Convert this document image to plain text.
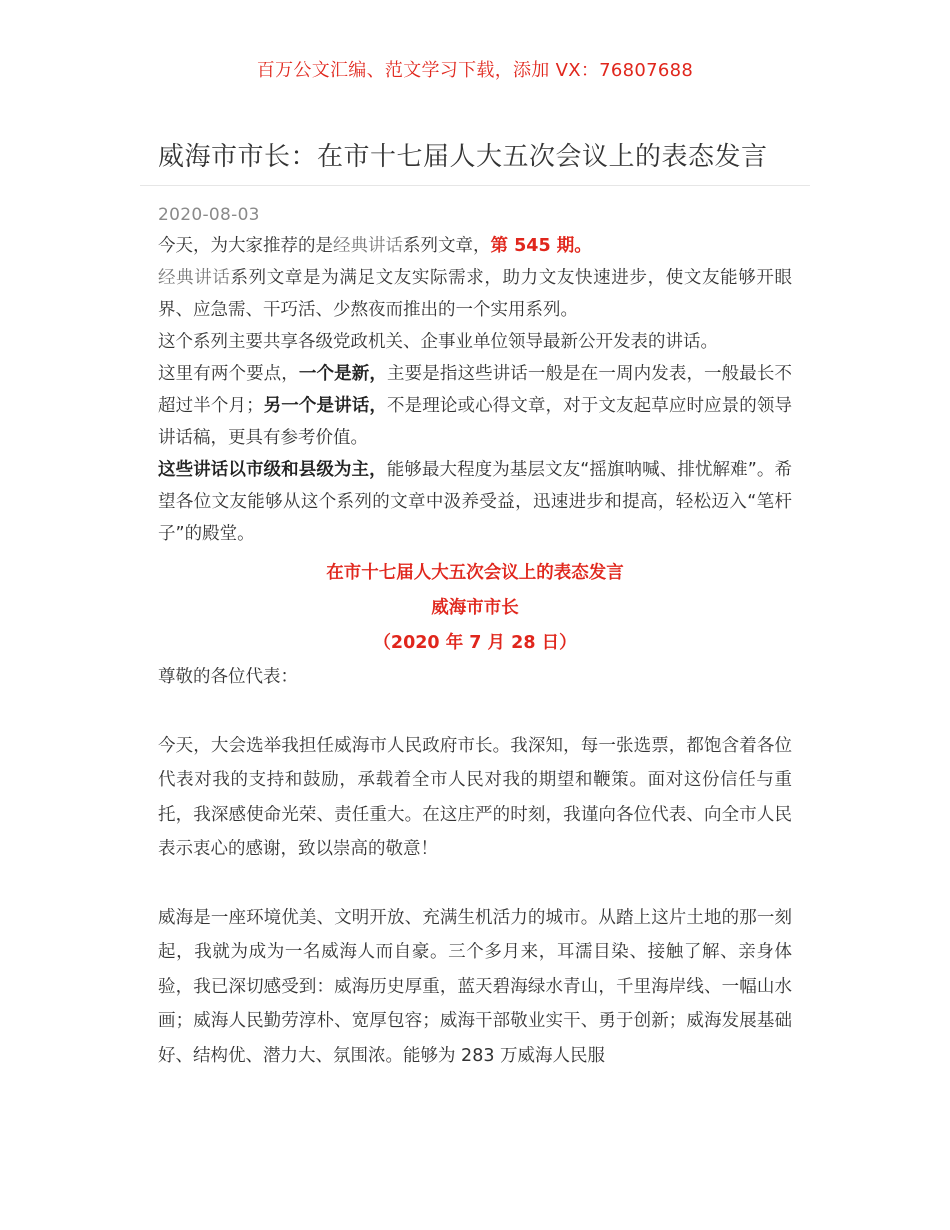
百万公文汇编、范文学习下载，添加 VX：76807688
威海市市长：在市十七届人大五次会议上的表态发言
2020-08-03

今天，为大家推荐的是经典讲话系列文章，第 545 期。

经典讲话系列文章是为满足文友实际需求，助力文友快速进步，使文友能够开眼界、应急需、干巧活、少熬夜而推出的一个实用系列。

这个系列主要共享各级党政机关、企事业单位领导最新公开发表的讲话。

这里有两个要点，一个是新，主要是指这些讲话一般是在一周内发表，一般最长不超过半个月；另一个是讲话，不是理论或心得文章，对于文友起草应时应景的领导讲话稿，更具有参考价值。

这些讲话以市级和县级为主，能够最大程度为基层文友“摇旗呐喊、排忧解难”。希望各位文友能够从这个系列的文章中汲养受益，迅速进步和提高，轻松迈入“笔杆子”的殿堂。

在市十七届人大五次会议上的表态发言

威海市市长

（2020 年 7 月 28 日）

尊敬的各位代表：

今天，大会选举我担任威海市人民政府市长。我深知，每一张选票，都饱含着各位代表对我的支持和鼓励，承载着全市人民对我的期望和鞭策。面对这份信任与重托，我深感使命光荣、责任重大。在这庄严的时刻，我谨向各位代表、向全市人民表示衷心的感谢，致以崇高的敬意！

威海是一座环境优美、文明开放、充满生机活力的城市。从踏上这片土地的那一刻起，我就为成为一名威海人而自豪。三个多月来，耳濡目染、接触了解、亲身体验，我已深切感受到：威海历史厚重，蓝天碧海绿水青山，千里海岸线、一幅山水画；威海人民勤劳淳朴、宽厚包容；威海干部敬业实干、勇于创新；威海发展基础好、结构优、潜力大、氛围浓。能够为 283 万威海人民服
